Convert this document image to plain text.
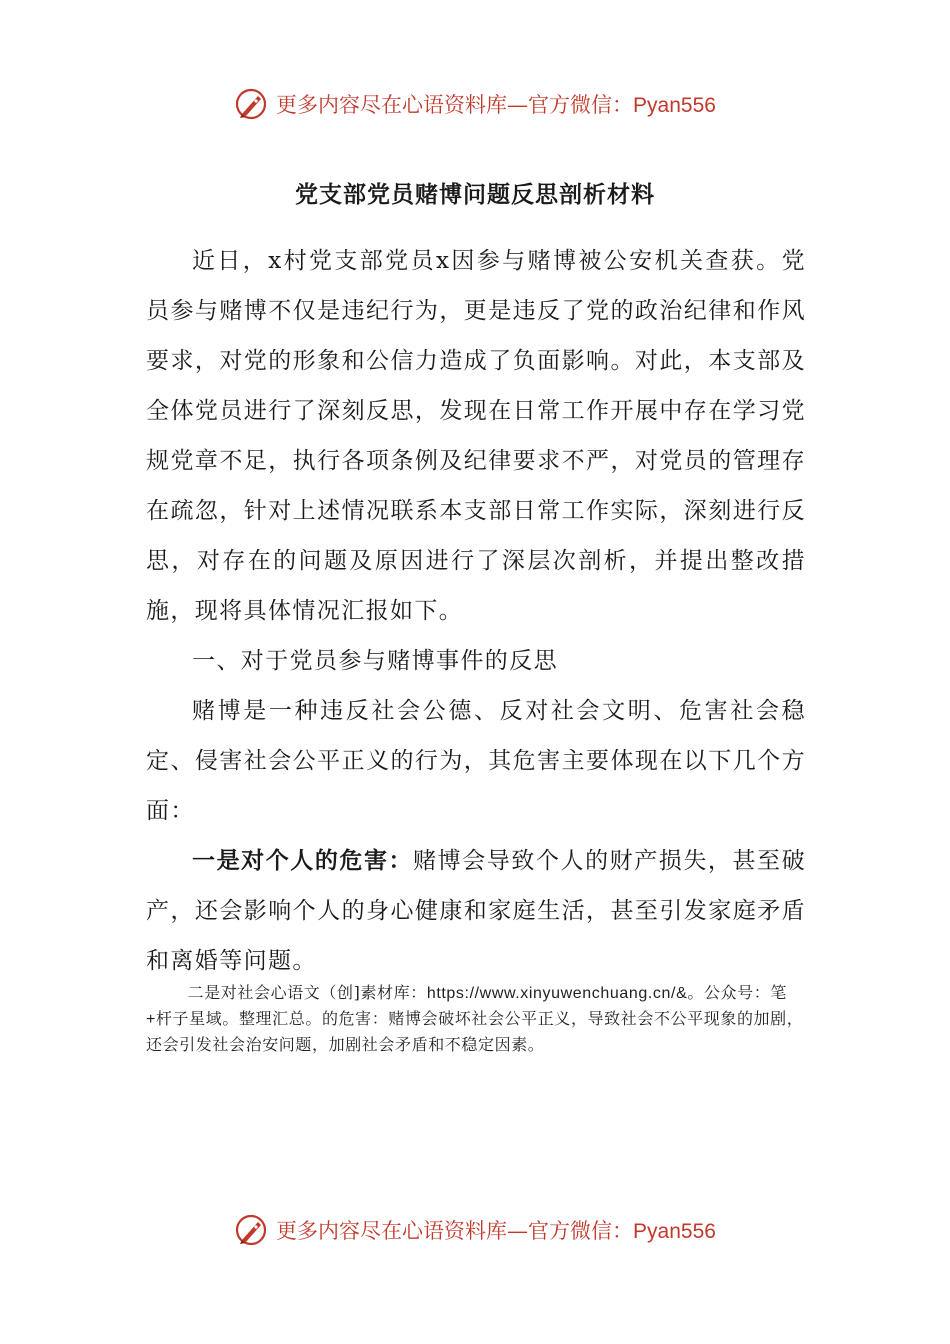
更多内容尽在心语资料库—官方微信：Pyan556
党支部党员赌博问题反思剖析材料

近日，x村党支部党员x因参与赌博被公安机关查获。党员参与赌博不仅是违纪行为，更是违反了党的政治纪律和作风要求，对党的形象和公信力造成了负面影响。对此，本支部及全体党员进行了深刻反思，发现在日常工作开展中存在学习党规党章不足，执行各项条例及纪律要求不严，对党员的管理存在疏忽，针对上述情况联系本支部日常工作实际，深刻进行反思，对存在的问题及原因进行了深层次剖析，并提出整改措施，现将具体情况汇报如下。

一、对于党员参与赌博事件的反思

赌博是一种违反社会公德、反对社会文明、危害社会稳定、侵害社会公平正义的行为，其危害主要体现在以下几个方面：

一是对个人的危害：赌博会导致个人的财产损失，甚至破产，还会影响个人的身心健康和家庭生活，甚至引发家庭矛盾和离婚等问题。

二是对社会心语文（创]素材库：https://www.xinyuwenchuang.cn/&。公众号：笔+杆子星域。整理汇总。的危害：赌博会破坏社会公平正义，导致社会不公平现象的加剧，还会引发社会治安问题，加剧社会矛盾和不稳定因素。
更多内容尽在心语资料库—官方微信：Pyan556
